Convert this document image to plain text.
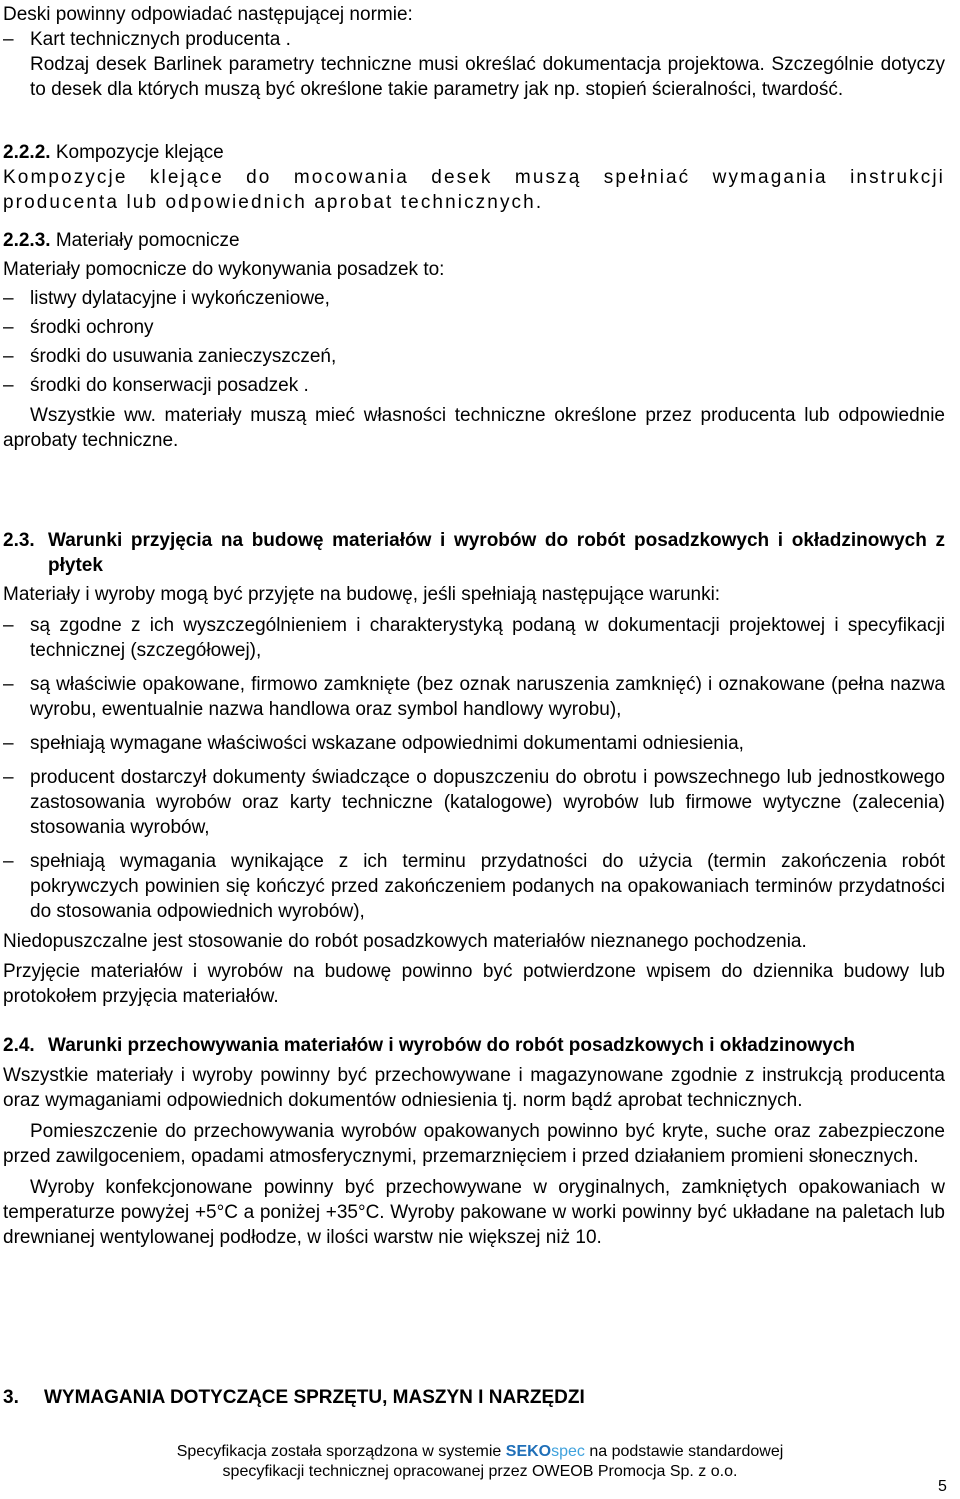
Deski powinny odpowiadać następującej normie:

– Kart technicznych producenta .

Rodzaj desek Barlinek parametry techniczne musi określać dokumentacja projektowa. Szczególnie dotyczy to desek dla których muszą być określone takie parametry jak np. stopień ścieralności, twardość.

2.2.2. Kompozycje klejące

Kompozycje klejące do mocowania desek muszą spełniać wymagania instrukcji producenta lub odpowiednich aprobat technicznych.

2.2.3. Materiały pomocnicze

Materiały pomocnicze do wykonywania posadzek to:

– listwy dylatacyjne i wykończeniowe,
– środki ochrony
– środki do usuwania zanieczyszczeń,
– środki do konserwacji posadzek .

Wszystkie ww. materiały muszą mieć własności techniczne określone przez producenta lub odpowiednie aprobaty techniczne.

2.3. Warunki przyjęcia na budowę materiałów i wyrobów do robót posadzkowych i okładzinowych z płytek

Materiały i wyroby mogą być przyjęte na budowę, jeśli spełniają następujące warunki:

– są zgodne z ich wyszczególnieniem i charakterystyką podaną w dokumentacji projektowej i specyfikacji technicznej (szczegółowej),
– są właściwie opakowane, firmowo zamknięte (bez oznak naruszenia zamknięć) i oznakowane (pełna nazwa wyrobu, ewentualnie nazwa handlowa oraz symbol handlowy wyrobu),
– spełniają wymagane właściwości wskazane odpowiednimi dokumentami odniesienia,
– producent dostarczył dokumenty świadczące o dopuszczeniu do obrotu i powszechnego lub jednostkowego zastosowania wyrobów oraz karty techniczne (katalogowe) wyrobów lub firmowe wytyczne (zalecenia) stosowania wyrobów,
– spełniają wymagania wynikające z ich terminu przydatności do użycia (termin zakończenia robót pokrywczych powinien się kończyć przed zakończeniem podanych na opakowaniach terminów przydatności do stosowania odpowiednich wyrobów),

Niedopuszczalne jest stosowanie do robót posadzkowych materiałów nieznanego pochodzenia.

Przyjęcie materiałów i wyrobów na budowę powinno być potwierdzone wpisem do dziennika budowy lub protokołem przyjęcia materiałów.

2.4. Warunki przechowywania materiałów i wyrobów do robót posadzkowych i okładzinowych

Wszystkie materiały i wyroby powinny być przechowywane i magazynowane zgodnie z instrukcją producenta oraz wymaganiami odpowiednich dokumentów odniesienia tj. norm bądź aprobat technicznych.

Pomieszczenie do przechowywania wyrobów opakowanych powinno być kryte, suche oraz zabezpieczone przed zawilgoceniem, opadami atmosferycznymi, przemarznięciem i przed działaniem promieni słonecznych.

Wyroby konfekcjonowane powinny być przechowywane w oryginalnych, zamkniętych opakowaniach w temperaturze powyżej +5°C a poniżej +35°C. Wyroby pakowane w worki powinny być układane na paletach lub drewnianej wentylowanej podłodze, w ilości warstw nie większej niż 10.

3.	WYMAGANIA DOTYCZĄCE SPRZĘTU, MASZYN I NARZĘDZI

Specyfikacja została sporządzona w systemie SEKOspec na podstawie standardowej
specyfikacji technicznej opracowanej przez OWEOB Promocja Sp. z o.o.
5
